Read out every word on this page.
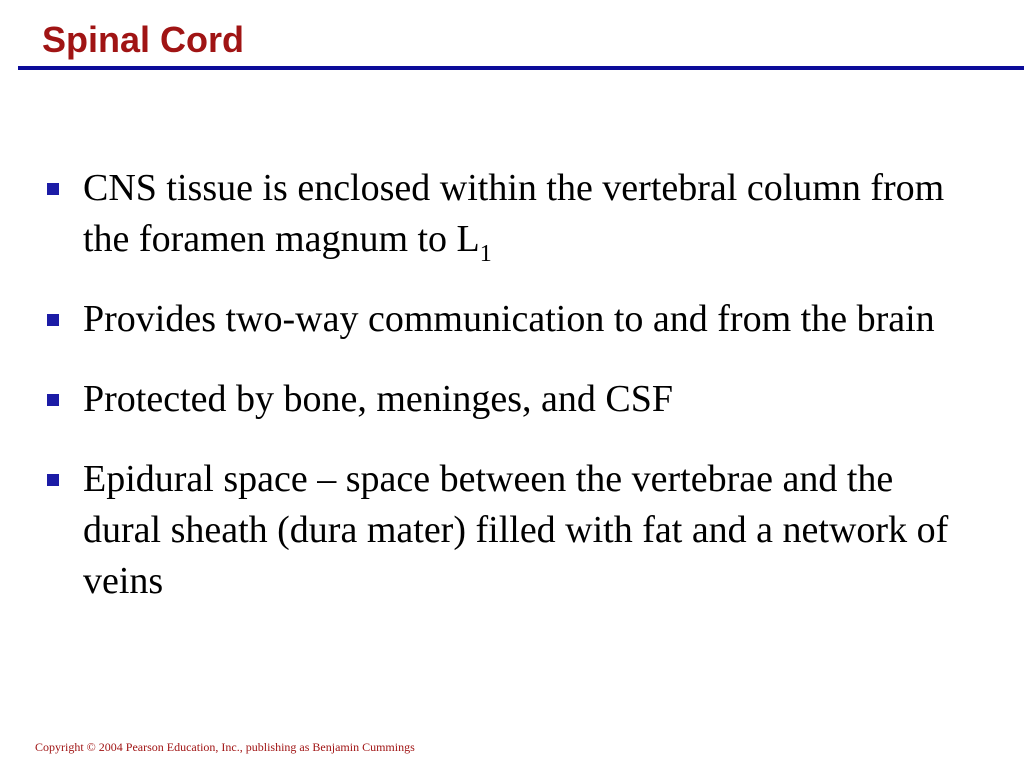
Spinal Cord
CNS tissue is enclosed within the vertebral column from the foramen magnum to $L_1$
Provides two-way communication to and from the brain
Protected by bone, meninges, and CSF
Epidural space – space between the vertebrae and the dural sheath (dura mater) filled with fat and a network of veins

Copyright © 2004 Pearson Education, Inc., publishing as Benjamin Cummings
